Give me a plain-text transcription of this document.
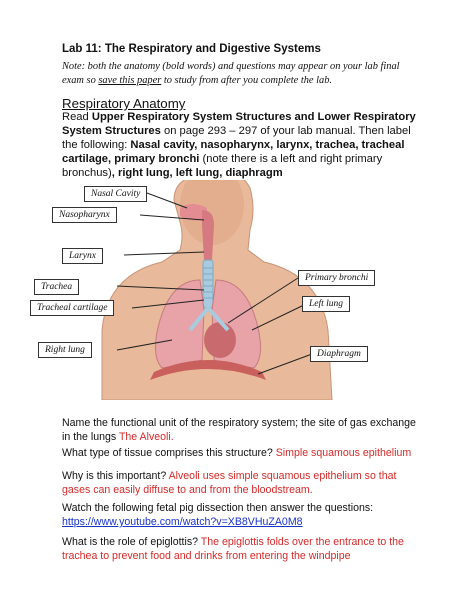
Lab 11: The Respiratory and Digestive Systems
Note: both the anatomy (bold words) and questions may appear on your lab final exam so save this paper to study from after you complete the lab.
Respiratory Anatomy
Read Upper Respiratory System Structures and Lower Respiratory System Structures on page 293 – 297 of your lab manual. Then label the following: Nasal cavity, nasopharynx, larynx, trachea, tracheal cartilage, primary bronchi (note there is a left and right primary bronchus), right lung, left lung, diaphragm
Nasal Cavity
Nasopharynx
Larynx
Trachea
Tracheal cartilage
Right lung
Primary bronchi
Left lung
Diaphragm
Name the functional unit of the respiratory system; the site of gas exchange in the lungs The Alveoli.
What type of tissue comprises this structure? Simple squamous epithelium
Why is this important? Alveoli uses simple squamous epithelium so that gases can easily diffuse to and from the bloodstream.
Watch the following fetal pig dissection then answer the questions:
https://www.youtube.com/watch?v=XB8VHuZA0M8
What is the role of epiglottis? The epiglottis folds over the entrance to the trachea to prevent food and drinks from entering the windpipe
